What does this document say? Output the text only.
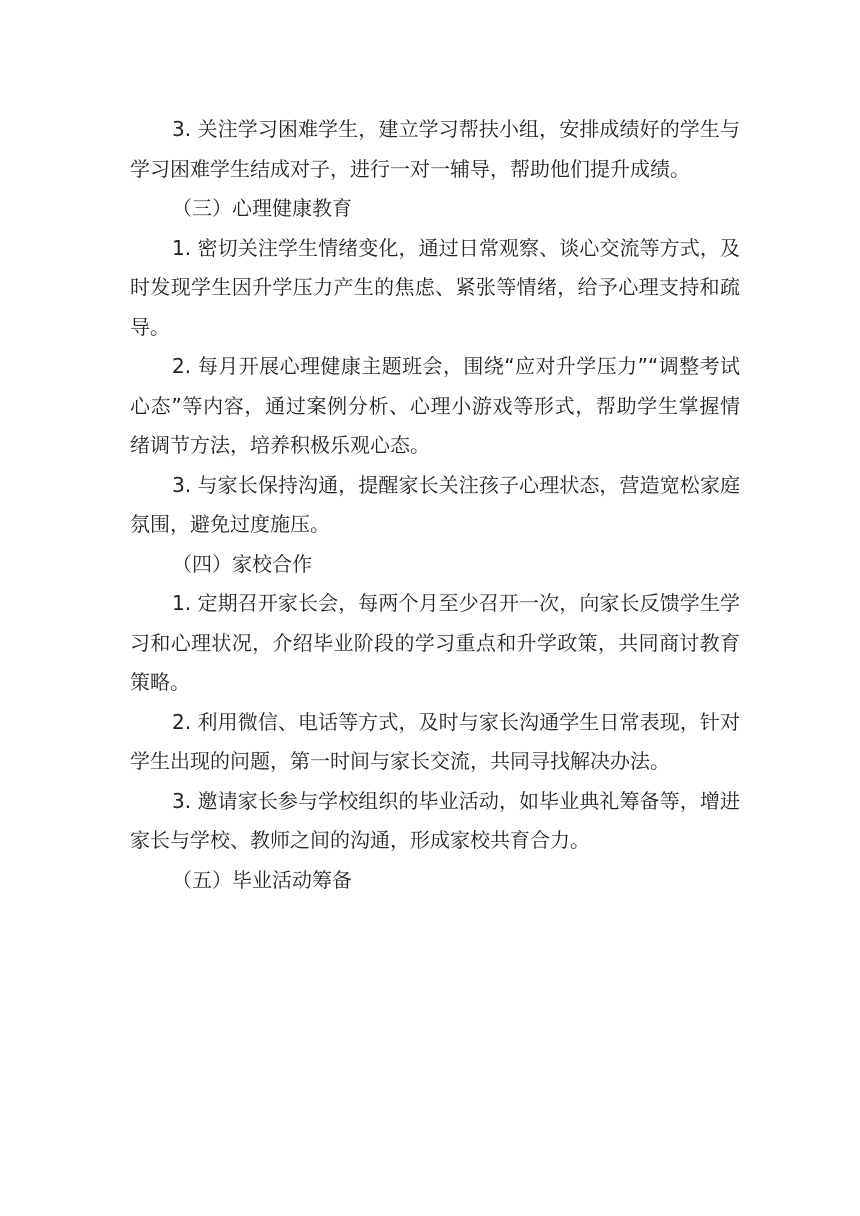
3. 关注学习困难学生，建立学习帮扶小组，安排成绩好的学生与学习困难学生结成对子，进行一对一辅导，帮助他们提升成绩。

（三）心理健康教育

1. 密切关注学生情绪变化，通过日常观察、谈心交流等方式，及时发现学生因升学压力产生的焦虑、紧张等情绪，给予心理支持和疏导。

2. 每月开展心理健康主题班会，围绕“应对升学压力”“调整考试心态”等内容，通过案例分析、心理小游戏等形式，帮助学生掌握情绪调节方法，培养积极乐观心态。

3. 与家长保持沟通，提醒家长关注孩子心理状态，营造宽松家庭氛围，避免过度施压。

（四）家校合作

1. 定期召开家长会，每两个月至少召开一次，向家长反馈学生学习和心理状况，介绍毕业阶段的学习重点和升学政策，共同商讨教育策略。

2. 利用微信、电话等方式，及时与家长沟通学生日常表现，针对学生出现的问题，第一时间与家长交流，共同寻找解决办法。

3. 邀请家长参与学校组织的毕业活动，如毕业典礼筹备等，增进家长与学校、教师之间的沟通，形成家校共育合力。

（五）毕业活动筹备
